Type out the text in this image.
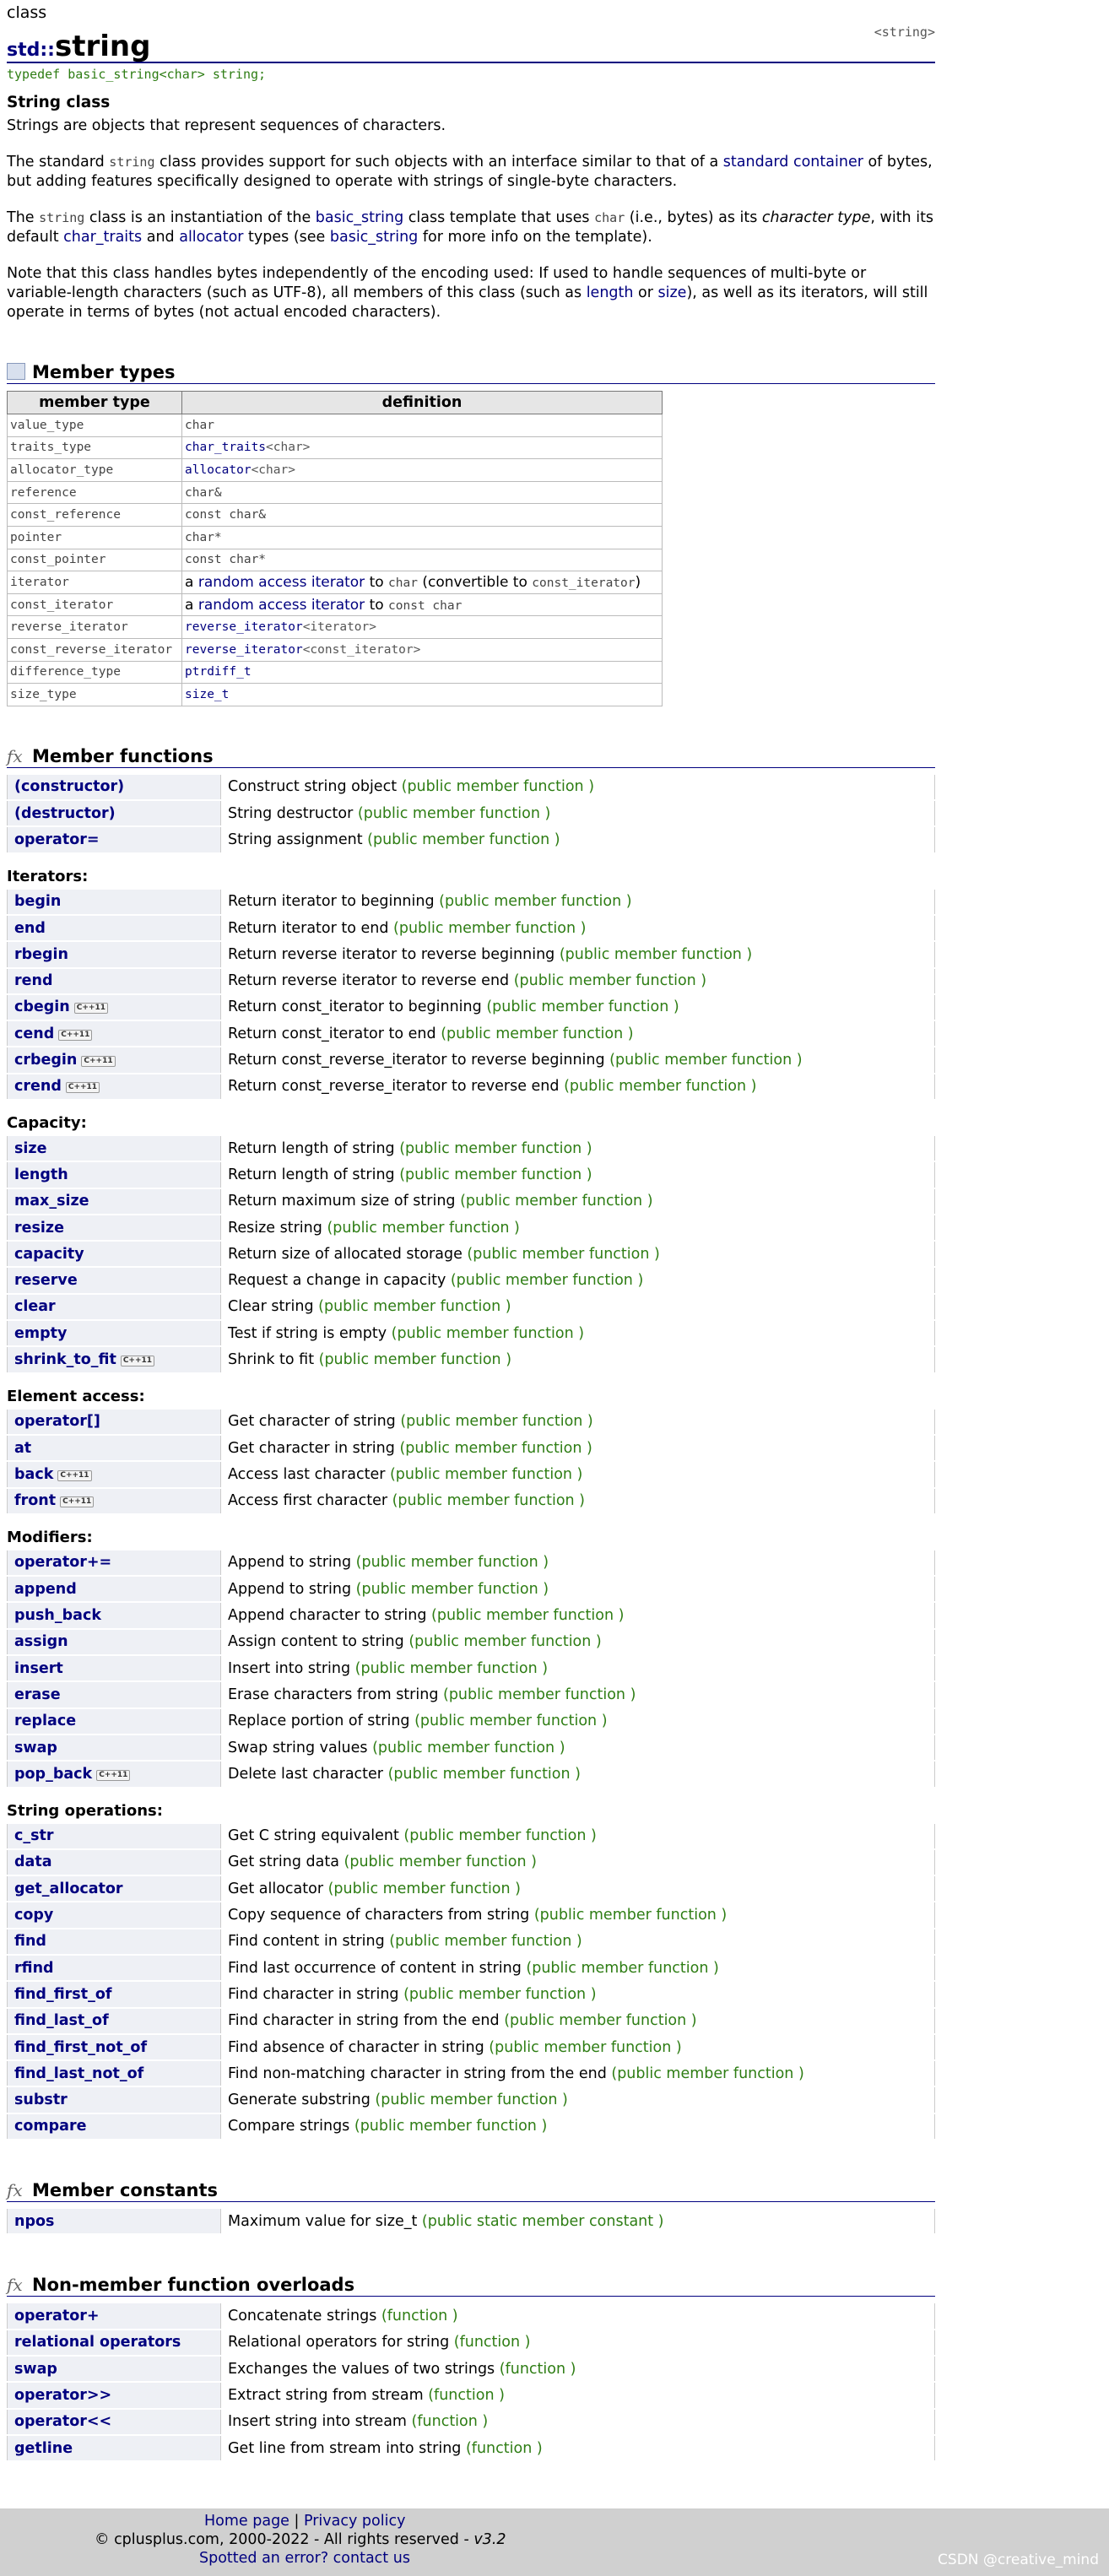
class
std::string	<string>
typedef basic_string<char> string;
String class

Strings are objects that represent sequences of characters.

The standard string class provides support for such objects with an interface similar to that of a standard container of bytes, but adding features specifically designed to operate with strings of single-byte characters.

The string class is an instantiation of the basic_string class template that uses char (i.e., bytes) as its character type, with its default char_traits and allocator types (see basic_string for more info on the template).

Note that this class handles bytes independently of the encoding used: If used to handle sequences of multi-byte or variable-length characters (such as UTF-8), all members of this class (such as length or size), as well as its iterators, will still operate in terms of bytes (not actual encoded characters).

Member types
member type	definition
value_type	char
traits_type	char_traits<char>
allocator_type	allocator<char>
reference	char&
const_reference	const char&
pointer	char*
const_pointer	const char*
iterator	a random access iterator to char (convertible to const_iterator)
const_iterator	a random access iterator to const char
reverse_iterator	reverse_iterator<iterator>
const_reverse_iterator	reverse_iterator<const_iterator>
difference_type	ptrdiff_t
size_type	size_t
fx Member functions
(constructor)	Construct string object (public member function )
(destructor)	String destructor (public member function )
operator=	String assignment (public member function )
Iterators:
begin	Return iterator to beginning (public member function )
end	Return iterator to end (public member function )
rbegin	Return reverse iterator to reverse beginning (public member function )
rend	Return reverse iterator to reverse end (public member function )
cbegin C++11	Return const_iterator to beginning (public member function )
cend C++11	Return const_iterator to end (public member function )
crbegin C++11	Return const_reverse_iterator to reverse beginning (public member function )
crend C++11	Return const_reverse_iterator to reverse end (public member function )
Capacity:
size	Return length of string (public member function )
length	Return length of string (public member function )
max_size	Return maximum size of string (public member function )
resize	Resize string (public member function )
capacity	Return size of allocated storage (public member function )
reserve	Request a change in capacity (public member function )
clear	Clear string (public member function )
empty	Test if string is empty (public member function )
shrink_to_fit C++11	Shrink to fit (public member function )
Element access:
operator[]	Get character of string (public member function )
at	Get character in string (public member function )
back C++11	Access last character (public member function )
front C++11	Access first character (public member function )
Modifiers:
operator+=	Append to string (public member function )
append	Append to string (public member function )
push_back	Append character to string (public member function )
assign	Assign content to string (public member function )
insert	Insert into string (public member function )
erase	Erase characters from string (public member function )
replace	Replace portion of string (public member function )
swap	Swap string values (public member function )
pop_back C++11	Delete last character (public member function )
String operations:
c_str	Get C string equivalent (public member function )
data	Get string data (public member function )
get_allocator	Get allocator (public member function )
copy	Copy sequence of characters from string (public member function )
find	Find content in string (public member function )
rfind	Find last occurrence of content in string (public member function )
find_first_of	Find character in string (public member function )
find_last_of	Find character in string from the end (public member function )
find_first_not_of	Find absence of character in string (public member function )
find_last_not_of	Find non-matching character in string from the end (public member function )
substr	Generate substring (public member function )
compare	Compare strings (public member function )
fx Member constants
npos	Maximum value for size_t (public static member constant )
fx Non-member function overloads
operator+	Concatenate strings (function )
relational operators	Relational operators for string (function )
swap	Exchanges the values of two strings (function )
operator>>	Extract string from stream (function )
operator<<	Insert string into stream (function )
getline	Get line from stream into string (function )
Home page | Privacy policy
© cplusplus.com, 2000-2022 - All rights reserved - v3.2
Spotted an error? contact us	CSDN @creative_mind
